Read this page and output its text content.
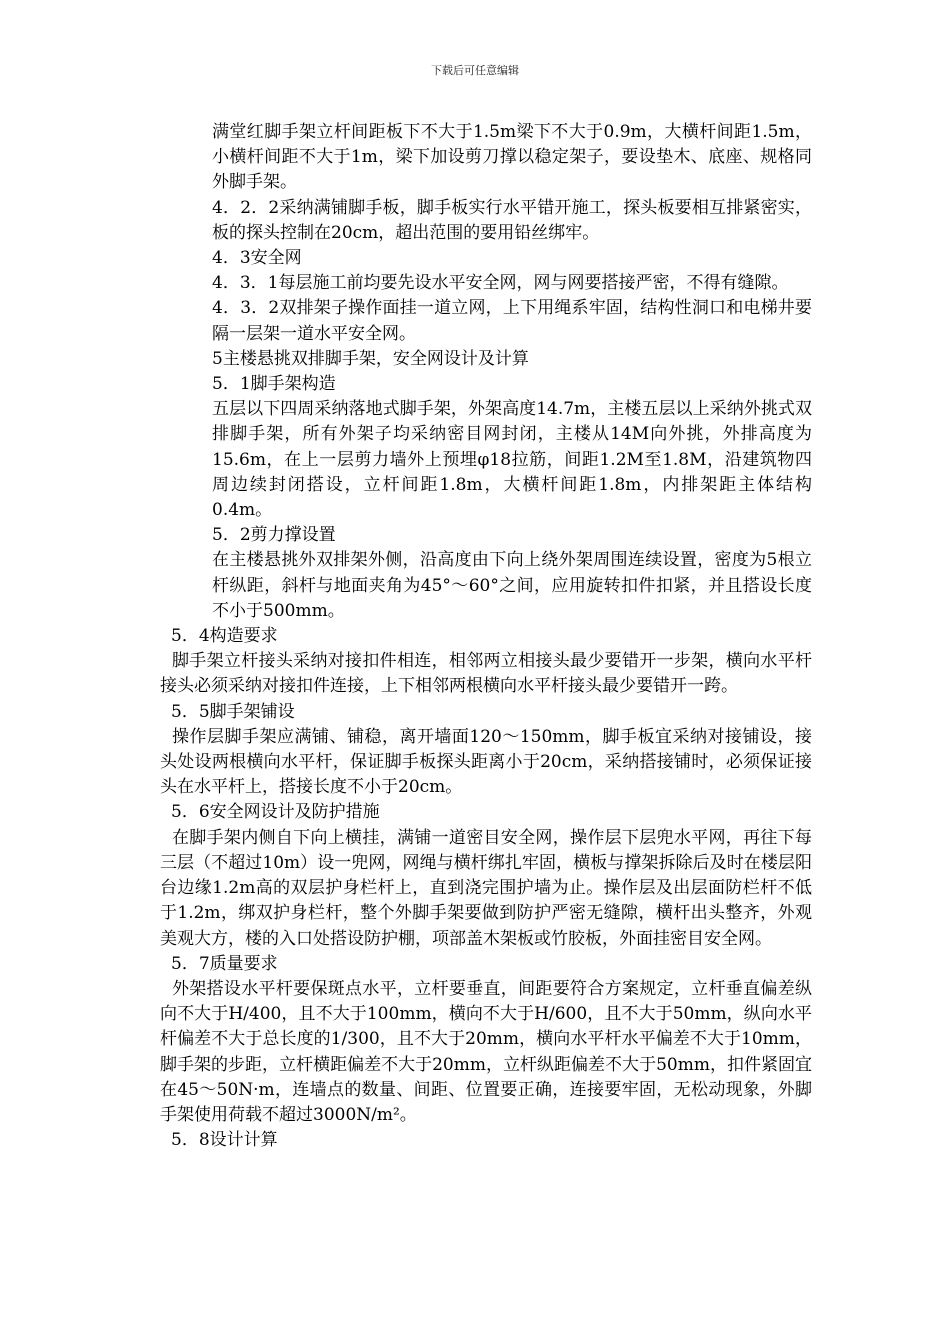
下载后可任意编辑

满堂红脚手架立杆间距板下不大于1.5m梁下不大于0.9m，大横杆间距1.5m，小横杆间距不大于1m，梁下加设剪刀撑以稳定架子，要设垫木、底座、规格同外脚手架。

4．2．2采纳满铺脚手板，脚手板实行水平错开施工，探头板要相互排紧密实，板的探头控制在20cm，超出范围的要用铅丝绑牢。

4．3安全网

4．3．1每层施工前均要先设水平安全网，网与网要搭接严密，不得有缝隙。

4．3．2双排架子操作面挂一道立网，上下用绳系牢固，结构性洞口和电梯井要隔一层架一道水平安全网。

5主楼悬挑双排脚手架，安全网设计及计算

5．1脚手架构造

五层以下四周采纳落地式脚手架，外架高度14.7m，主楼五层以上采纳外挑式双排脚手架，所有外架子均采纳密目网封闭，主楼从14M向外挑，外排高度为15.6m，在上一层剪力墙外上预埋φ18拉筋，间距1.2M至1.8M，沿建筑物四周边续封闭搭设，立杆间距1.8m，大横杆间距1.8m，内排架距主体结构0.4m。

5．2剪力撑设置

在主楼悬挑外双排架外侧，沿高度由下向上绕外架周围连续设置，密度为5根立杆纵距，斜杆与地面夹角为45°～60°之间，应用旋转扣件扣紧，并且搭设长度不小于500mm。

5．4构造要求

脚手架立杆接头采纳对接扣件相连，相邻两立相接头最少要错开一步架，横向水平杆接头必须采纳对接扣件连接，上下相邻两根横向水平杆接头最少要错开一跨。

5．5脚手架铺设

操作层脚手架应满铺、铺稳，离开墙面120～150mm，脚手板宜采纳对接铺设，接头处设两根横向水平杆，保证脚手板探头距离小于20cm，采纳搭接铺时，必须保证接头在水平杆上，搭接长度不小于20cm。

5．6安全网设计及防护措施

在脚手架内侧自下向上横挂，满铺一道密目安全网，操作层下层兜水平网，再往下每三层（不超过10m）设一兜网，网绳与横杆绑扎牢固，横板与撑架拆除后及时在楼层阳台边缘1.2m高的双层护身栏杆上，直到浇完围护墙为止。操作层及出层面防栏杆不低于1.2m，绑双护身栏杆，整个外脚手架要做到防护严密无缝隙，横杆出头整齐，外观美观大方，楼的入口处搭设防护棚，项部盖木架板或竹胶板，外面挂密目安全网。

5．7质量要求

外架搭设水平杆要保斑点水平，立杆要垂直，间距要符合方案规定，立杆垂直偏差纵向不大于H/400，且不大于100mm，横向不大于H/600，且不大于50mm，纵向水平杆偏差不大于总长度的1/300，且不大于20mm，横向水平杆水平偏差不大于10mm，脚手架的步距，立杆横距偏差不大于20mm，立杆纵距偏差不大于50mm，扣件紧固宜在45～50N·m，连墙点的数量、间距、位置要正确，连接要牢固，无松动现象，外脚手架使用荷载不超过3000N/m²。

5．8设计计算
